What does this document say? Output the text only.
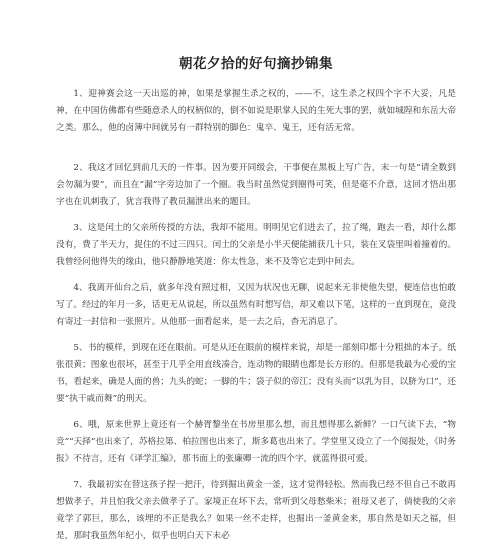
朝花夕拾的好句摘抄锦集

1、迎神赛会这一天出巡的神，如果是掌握生杀之权的，——不，这生杀之权四个字不大妥，凡是神，在中国仿佛都有些随意杀人的权柄似的，倒不如说是职掌人民的生死大事的罢，就如城隍和东岳大帝之类。那么，他的卤簿中间就另有一群特别的脚色：鬼卒、鬼王，还有活无常。

2、我这才回忆到前几天的一件事。因为要开同级会，干事便在黑板上写广告，末一句是“请全数到会勿漏为要”，而且在“漏”字旁边加了一个圈。我当时虽然觉到圈得可笑，但是毫不介意，这回才悟出那字也在讥刺我了，犹言我得了教员漏泄出来的题目。

3、这是闰土的父亲所传授的方法，我却不能用。明明见它们进去了，拉了绳，跑去一看，却什么都没有，费了半天力，捉住的不过三四只。闰土的父亲是小半天便能捕获几十只，装在叉袋里叫着撞着的。我曾经问他得失的缘由，他只静静地笑道：你太性急，来不及等它走到中间去。

4、我离开仙台之后，就多年没有照过相，又因为状况也无聊，说起来无非使他失望，便连信也怕敢写了。经过的年月一多，话更无从说起，所以虽然有时想写信，却又难以下笔，这样的一直到现在，竟没有寄过一封信和一张照片。从他那一面看起来，是一去之后，杳无消息了。

5、书的模样，到现在还在眼前。可是从还在眼前的模样来说，却是一部刻印都十分粗拙的本子。纸张很黄；图象也很坏，甚至于几乎全用直线凑合，连动物的眼睛也都是长方形的。但那是我最为心爱的宝书，看起来，确是人面的兽；九头的蛇；一脚的牛；袋子似的帝江；没有头而“以乳为目，以脐为口”，还要“执干戚而舞”的刑天。

6、哦，原来世界上竟还有一个赫胥黎坐在书房里那么想，而且想得那么新鲜？一口气读下去，“物竞”“天择”也出来了，苏格拉第、柏拉图也出来了，斯多葛也出来了。学堂里又设立了一个阅报处，《时务报》不待言，还有《译学汇编》，那书面上的张廉卿一流的四个字，就蓝得很可爱。

7、我最初实在替这孩子捏一把汗，待到掘出黄金一釜，这才觉得轻松。然而我已经不但自己不敢再想做孝子，并且怕我父亲去做孝子了。家境正在坏下去，常听到父母愁柴米；祖母又老了，倘使我的父亲竟学了郭巨，那么，该埋的不正是我么？如果一丝不走样，也掘出一釜黄金来，那自然是如天之福，但是，那时我虽然年纪小，似乎也明白天下未必
